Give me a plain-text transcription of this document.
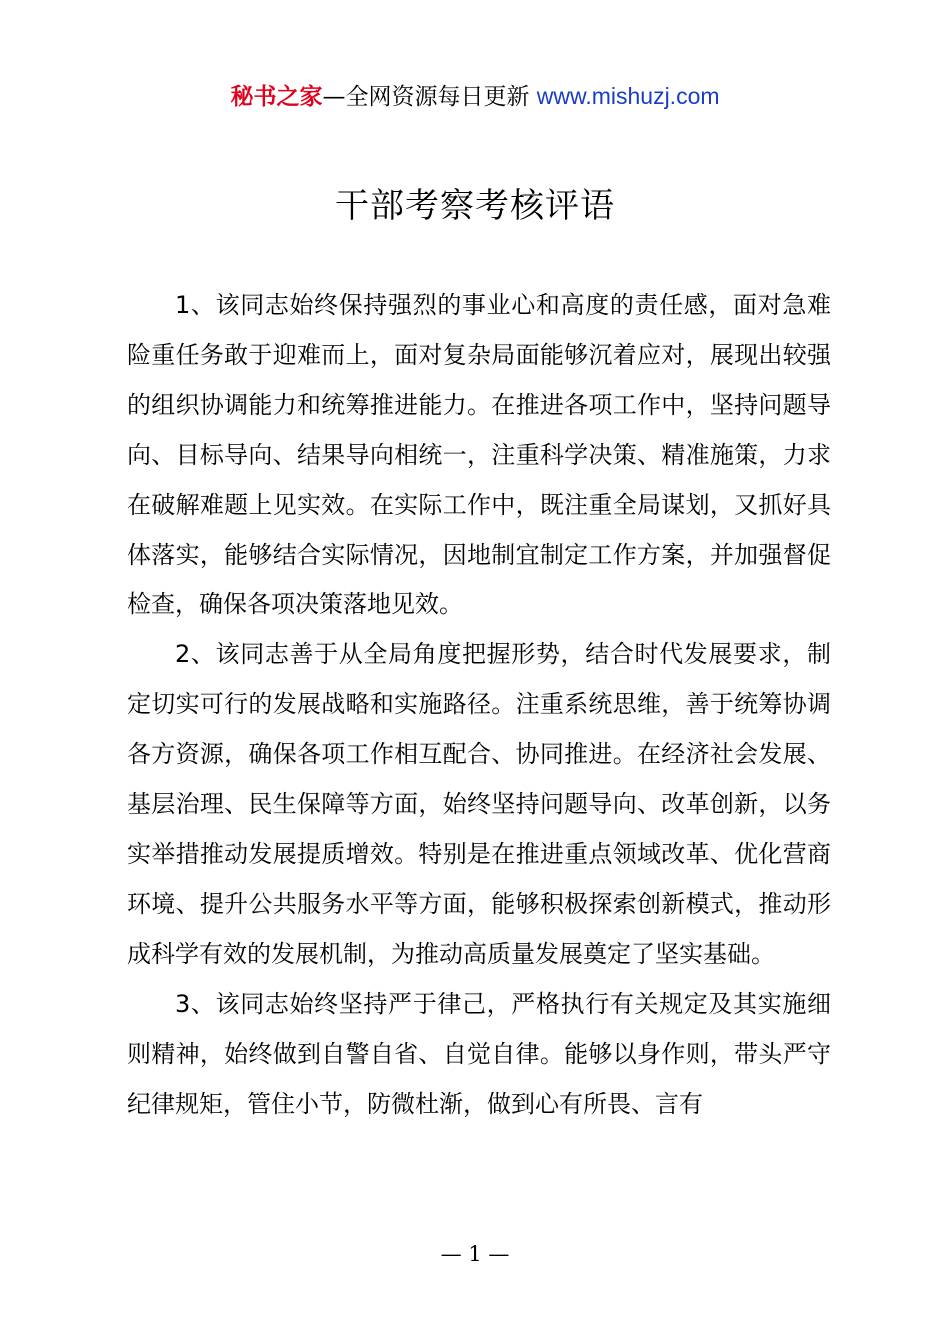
秘书之家—全网资源每日更新 www.mishuzj.com
干部考察考核评语

1、该同志始终保持强烈的事业心和高度的责任感，面对急难险重任务敢于迎难而上，面对复杂局面能够沉着应对，展现出较强的组织协调能力和统筹推进能力。在推进各项工作中，坚持问题导向、目标导向、结果导向相统一，注重科学决策、精准施策，力求在破解难题上见实效。在实际工作中，既注重全局谋划，又抓好具体落实，能够结合实际情况，因地制宜制定工作方案，并加强督促检查，确保各项决策落地见效。

2、该同志善于从全局角度把握形势，结合时代发展要求，制定切实可行的发展战略和实施路径。注重系统思维，善于统筹协调各方资源，确保各项工作相互配合、协同推进。在经济社会发展、基层治理、民生保障等方面，始终坚持问题导向、改革创新，以务实举措推动发展提质增效。特别是在推进重点领域改革、优化营商环境、提升公共服务水平等方面，能够积极探索创新模式，推动形成科学有效的发展机制，为推动高质量发展奠定了坚实基础。

3、该同志始终坚持严于律己，严格执行有关规定及其实施细则精神，始终做到自警自省、自觉自律。能够以身作则，带头严守纪律规矩，管住小节，防微杜渐，做到心有所畏、言有

— 1 —
